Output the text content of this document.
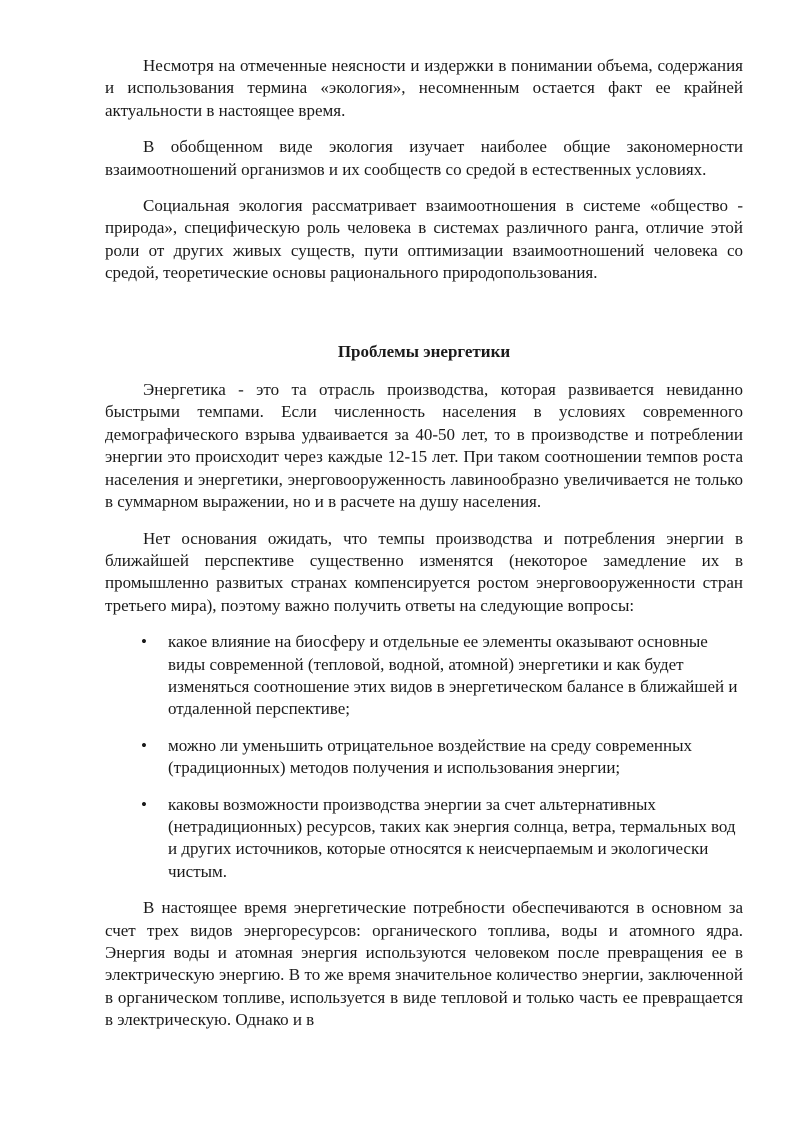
Несмотря на отмеченные неясности и издержки в понимании объема, содержания и использования термина «экология», несомненным остается факт ее крайней актуальности в настоящее время.

В обобщенном виде экология изучает наиболее общие закономерности взаимоотношений организмов и их сообществ со средой в естественных условиях.

Социальная экология рассматривает взаимоотношения в системе «общество - природа», специфическую роль человека в системах различного ранга, отличие этой роли от других живых существ, пути оптимизации взаимоотношений человека со средой, теоретические основы рационального природопользования.

Проблемы энергетики

Энергетика - это та отрасль производства, которая развивается невиданно быстрыми темпами. Если численность населения в условиях современного демографического взрыва удваивается за 40-50 лет, то в производстве и потреблении энергии это происходит через каждые 12-15 лет. При таком соотношении темпов роста населения и энергетики, энерговооруженность лавинообразно увеличивается не только в суммарном выражении, но и в расчете на душу населения.

Нет основания ожидать, что темпы производства и потребления энергии в ближайшей перспективе существенно изменятся (некоторое замедление их в промышленно развитых странах компенсируется ростом энерговооруженности стран третьего мира), поэтому важно получить ответы на следующие вопросы:

• какое влияние на биосферу и отдельные ее элементы оказывают основные виды современной (тепловой, водной, атомной) энергетики и как будет изменяться соотношение этих видов в энергетическом балансе в ближайшей и отдаленной перспективе;
• можно ли уменьшить отрицательное воздействие на среду современных (традиционных) методов получения и использования энергии;
• каковы возможности производства энергии за счет альтернативных (нетрадиционных) ресурсов, таких как энергия солнца, ветра, термальных вод и других источников, которые относятся к неисчерпаемым и экологически чистым.

В настоящее время энергетические потребности обеспечиваются в основном за счет трех видов энергоресурсов: органического топлива, воды и атомного ядра. Энергия воды и атомная энергия используются человеком после превращения ее в электрическую энергию. В то же время значительное количество энергии, заключенной в органическом топливе, используется в виде тепловой и только часть ее превращается в электрическую. Однако и в
